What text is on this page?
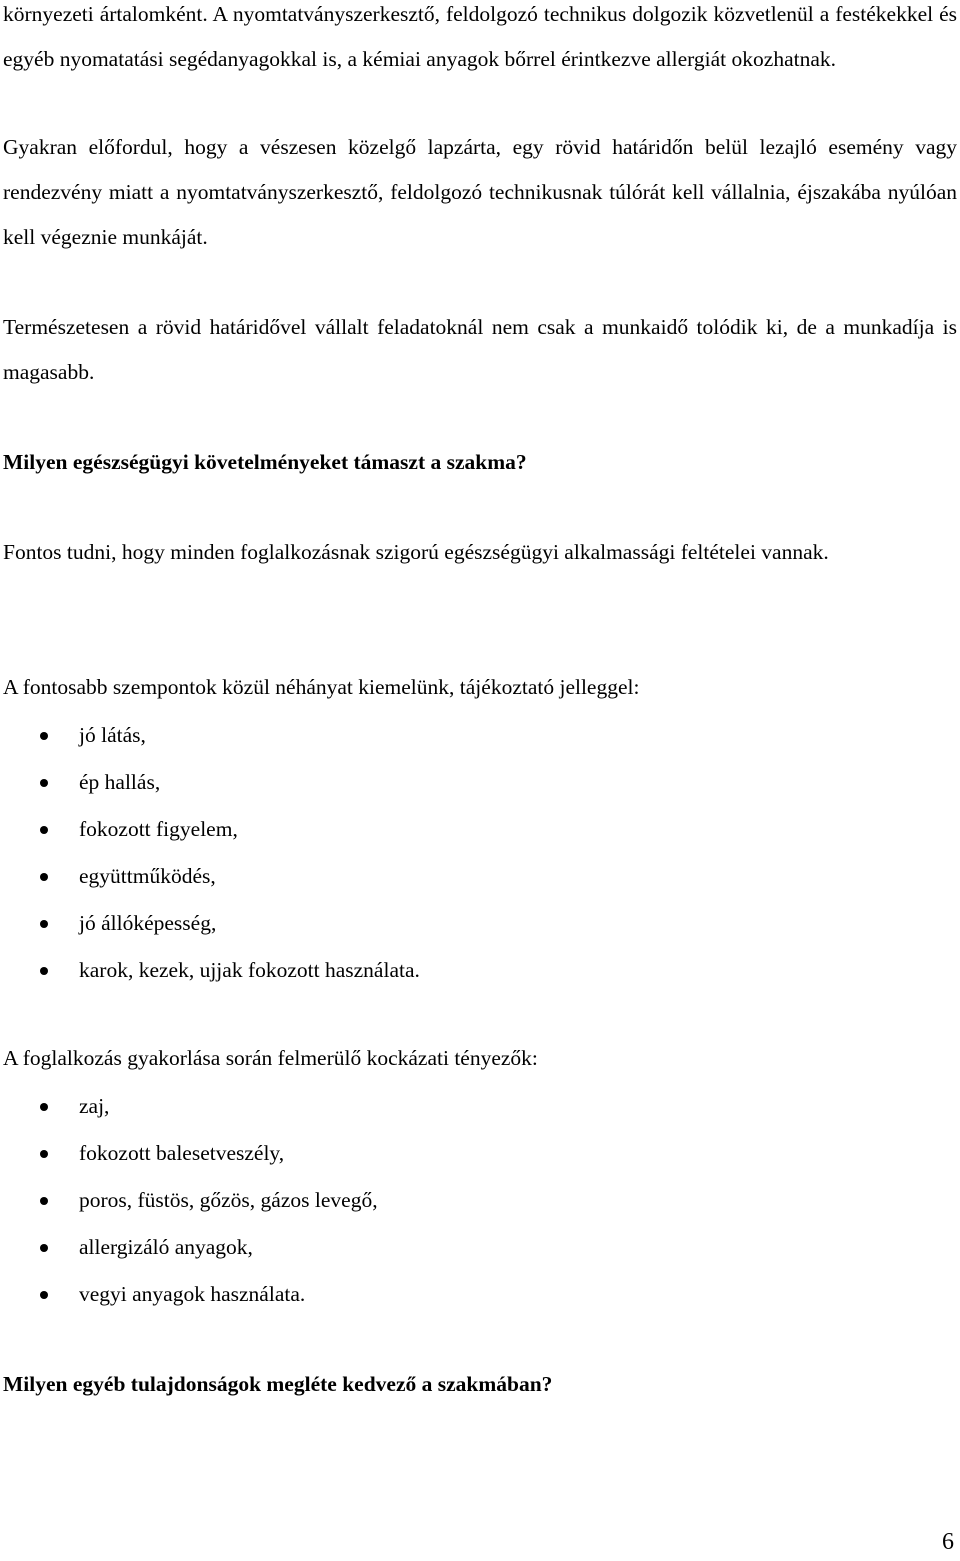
környezeti ártalomként. A nyomtatványszerkesztő, feldolgozó technikus dolgozik közvetlenül a festékekkel és egyéb nyomatatási segédanyagokkal is, a kémiai anyagok bőrrel érintkezve allergiát okozhatnak.

Gyakran előfordul, hogy a vészesen közelgő lapzárta, egy rövid határidőn belül lezajló esemény vagy rendezvény miatt a nyomtatványszerkesztő, feldolgozó technikusnak túlórát kell vállalnia, éjszakába nyúlóan kell végeznie munkáját.

Természetesen a rövid határidővel vállalt feladatoknál nem csak a munkaidő tolódik ki, de a munkadíja is magasabb.

Milyen egészségügyi követelményeket támaszt a szakma?

Fontos tudni, hogy minden foglalkozásnak szigorú egészségügyi alkalmassági feltételei vannak.

A fontosabb szempontok közül néhányat kiemelünk, tájékoztató jelleggel:

jó látás,
ép hallás,
fokozott figyelem,
együttműködés,
jó állóképesség,
karok, kezek, ujjak fokozott használata.

A foglalkozás gyakorlása során felmerülő kockázati tényezők:

zaj,
fokozott balesetveszély,
poros, füstös, gőzös, gázos levegő,
allergizáló anyagok,
vegyi anyagok használata.

Milyen egyéb tulajdonságok megléte kedvező a szakmában?

6
